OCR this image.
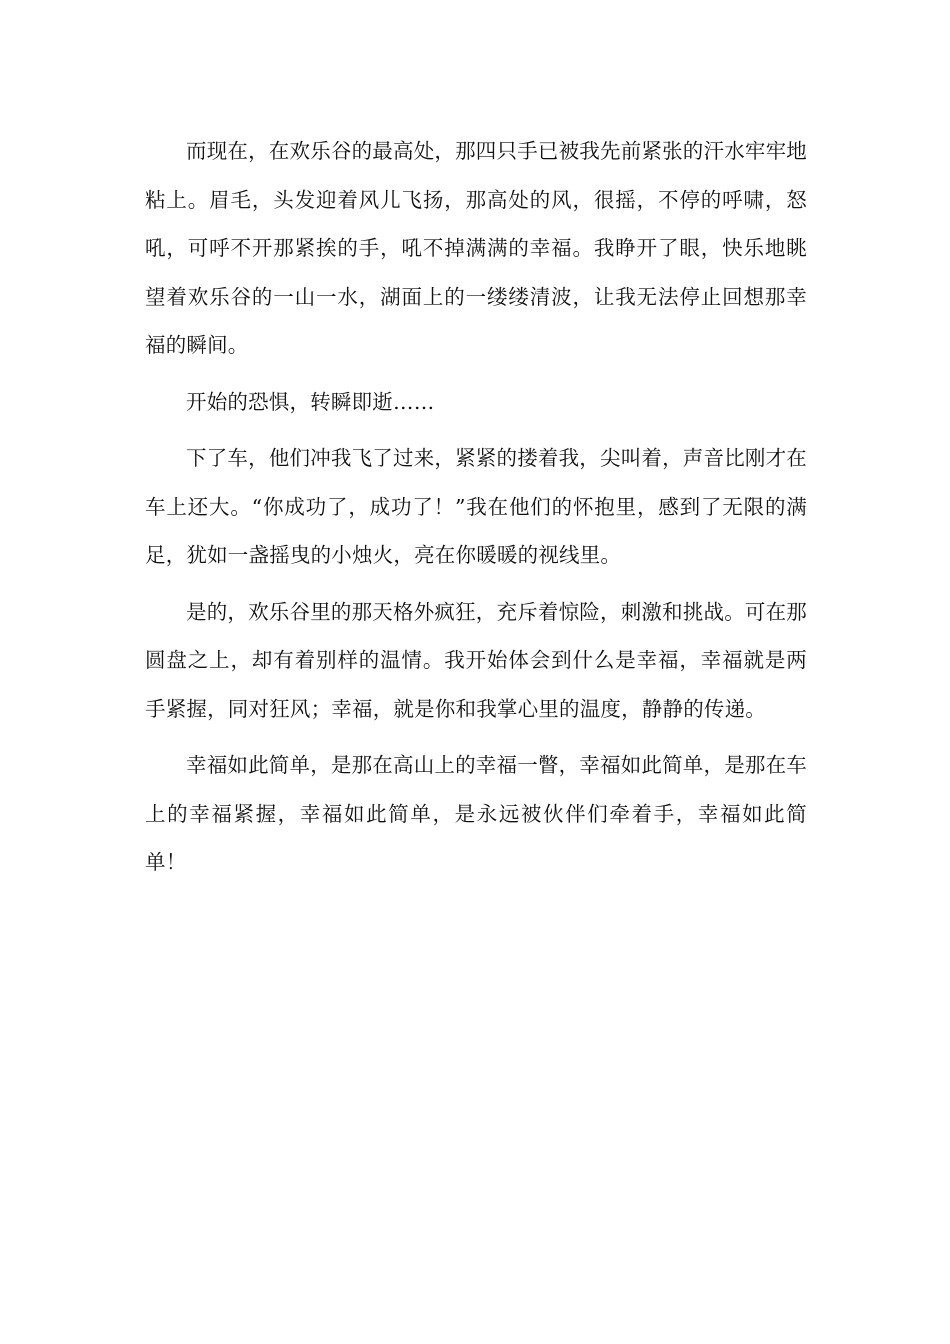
而现在，在欢乐谷的最高处，那四只手已被我先前紧张的汗水牢牢地粘上。眉毛，头发迎着风儿飞扬，那高处的风，很摇，不停的呼啸，怒吼，可呼不开那紧挨的手，吼不掉满满的幸福。我睁开了眼，快乐地眺望着欢乐谷的一山一水，湖面上的一缕缕清波，让我无法停止回想那幸福的瞬间。

开始的恐惧，转瞬即逝……

下了车，他们冲我飞了过来，紧紧的搂着我，尖叫着，声音比刚才在车上还大。“你成功了，成功了！”我在他们的怀抱里，感到了无限的满足，犹如一盏摇曳的小烛火，亮在你暖暖的视线里。

是的，欢乐谷里的那天格外疯狂，充斥着惊险，刺激和挑战。可在那圆盘之上，却有着别样的温情。我开始体会到什么是幸福，幸福就是两手紧握，同对狂风；幸福，就是你和我掌心里的温度，静静的传递。

幸福如此简单，是那在高山上的幸福一瞥，幸福如此简单，是那在车上的幸福紧握，幸福如此简单，是永远被伙伴们牵着手，幸福如此简单！
